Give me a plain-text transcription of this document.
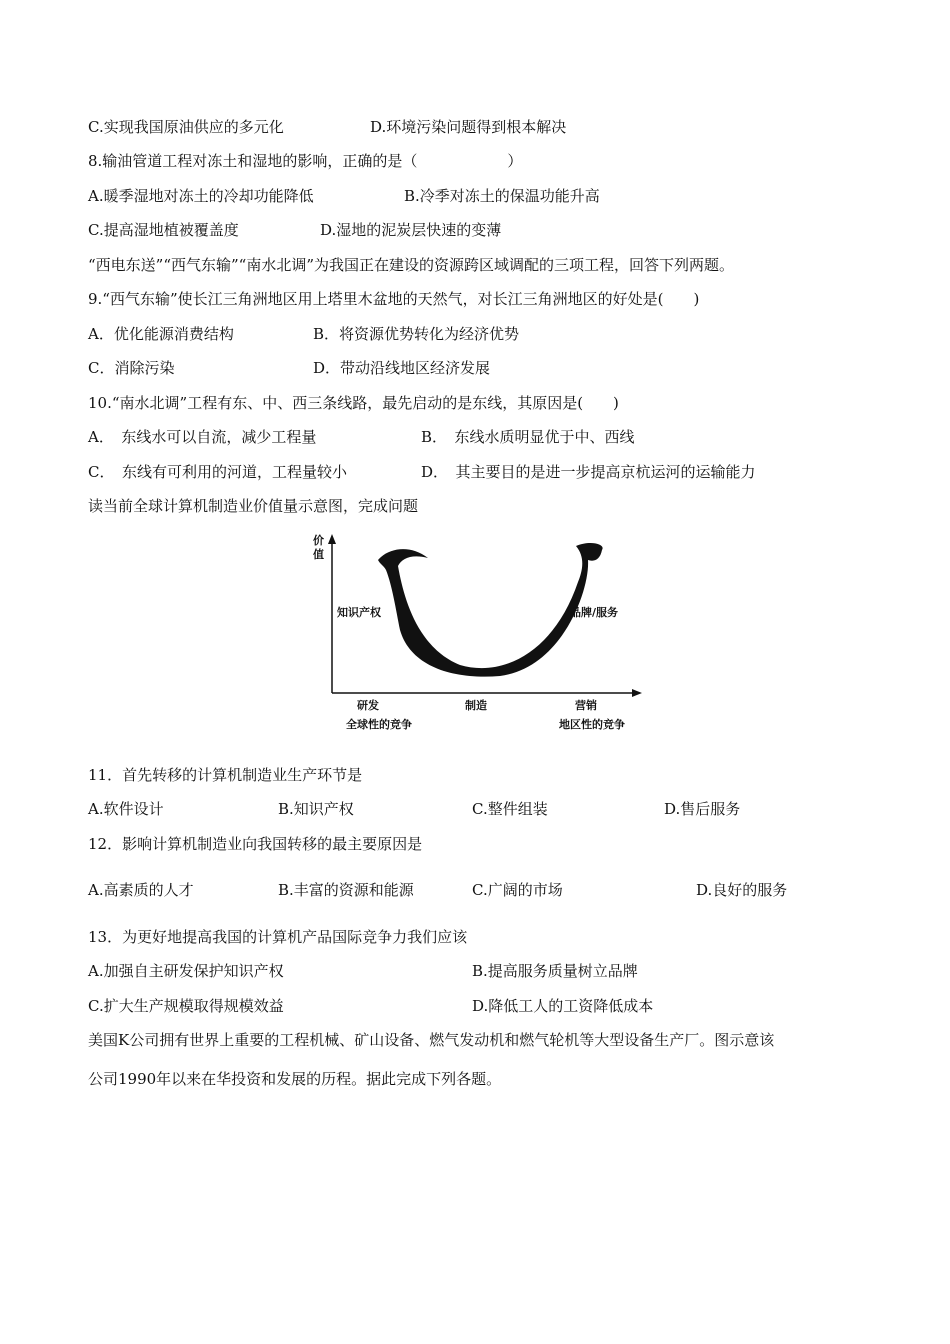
C.实现我国原油供应的多元化	D.环境污染问题得到根本解决
8.输油管道工程对冻土和湿地的影响，正确的是（　　　　　　）
A.暖季湿地对冻土的冷却功能降低	B.冷季对冻土的保温功能升高
C.提高湿地植被覆盖度	D.湿地的泥炭层快速的变薄
“西电东送”“西气东输”“南水北调”为我国正在建设的资源跨区域调配的三项工程，回答下列两题。
9.“西气东输”使长江三角洲地区用上塔里木盆地的天然气，对长江三角洲地区的好处是(　　)
A．优化能源消费结构	B．将资源优势转化为经济优势
C．消除污染	D．带动沿线地区经济发展
10.“南水北调”工程有东、中、西三条线路，最先启动的是东线，其原因是(　　)
A．　东线水可以自流，减少工程量	B．　东线水质明显优于中、西线
C．　东线有可利用的河道，工程量较小	D．　其主要目的是进一步提高京杭运河的运输能力
读当前全球计算机制造业价值量示意图，完成问题
价
值
知识产权	品牌/服务
研发	制造	营销
全球性的竞争	地区性的竞争
11．首先转移的计算机制造业生产环节是
A.软件设计	B.知识产权	C.整件组装	D.售后服务
12．影响计算机制造业向我国转移的最主要原因是
A.高素质的人才	B.丰富的资源和能源	C.广阔的市场	D.良好的服务
13．为更好地提高我国的计算机产品国际竞争力我们应该
A.加强自主研发保护知识产权	B.提高服务质量树立品牌
C.扩大生产规模取得规模效益	D.降低工人的工资降低成本
美国K公司拥有世界上重要的工程机械、矿山设备、燃气发动机和燃气轮机等大型设备生产厂。图示意该
公司1990年以来在华投资和发展的历程。据此完成下列各题。
